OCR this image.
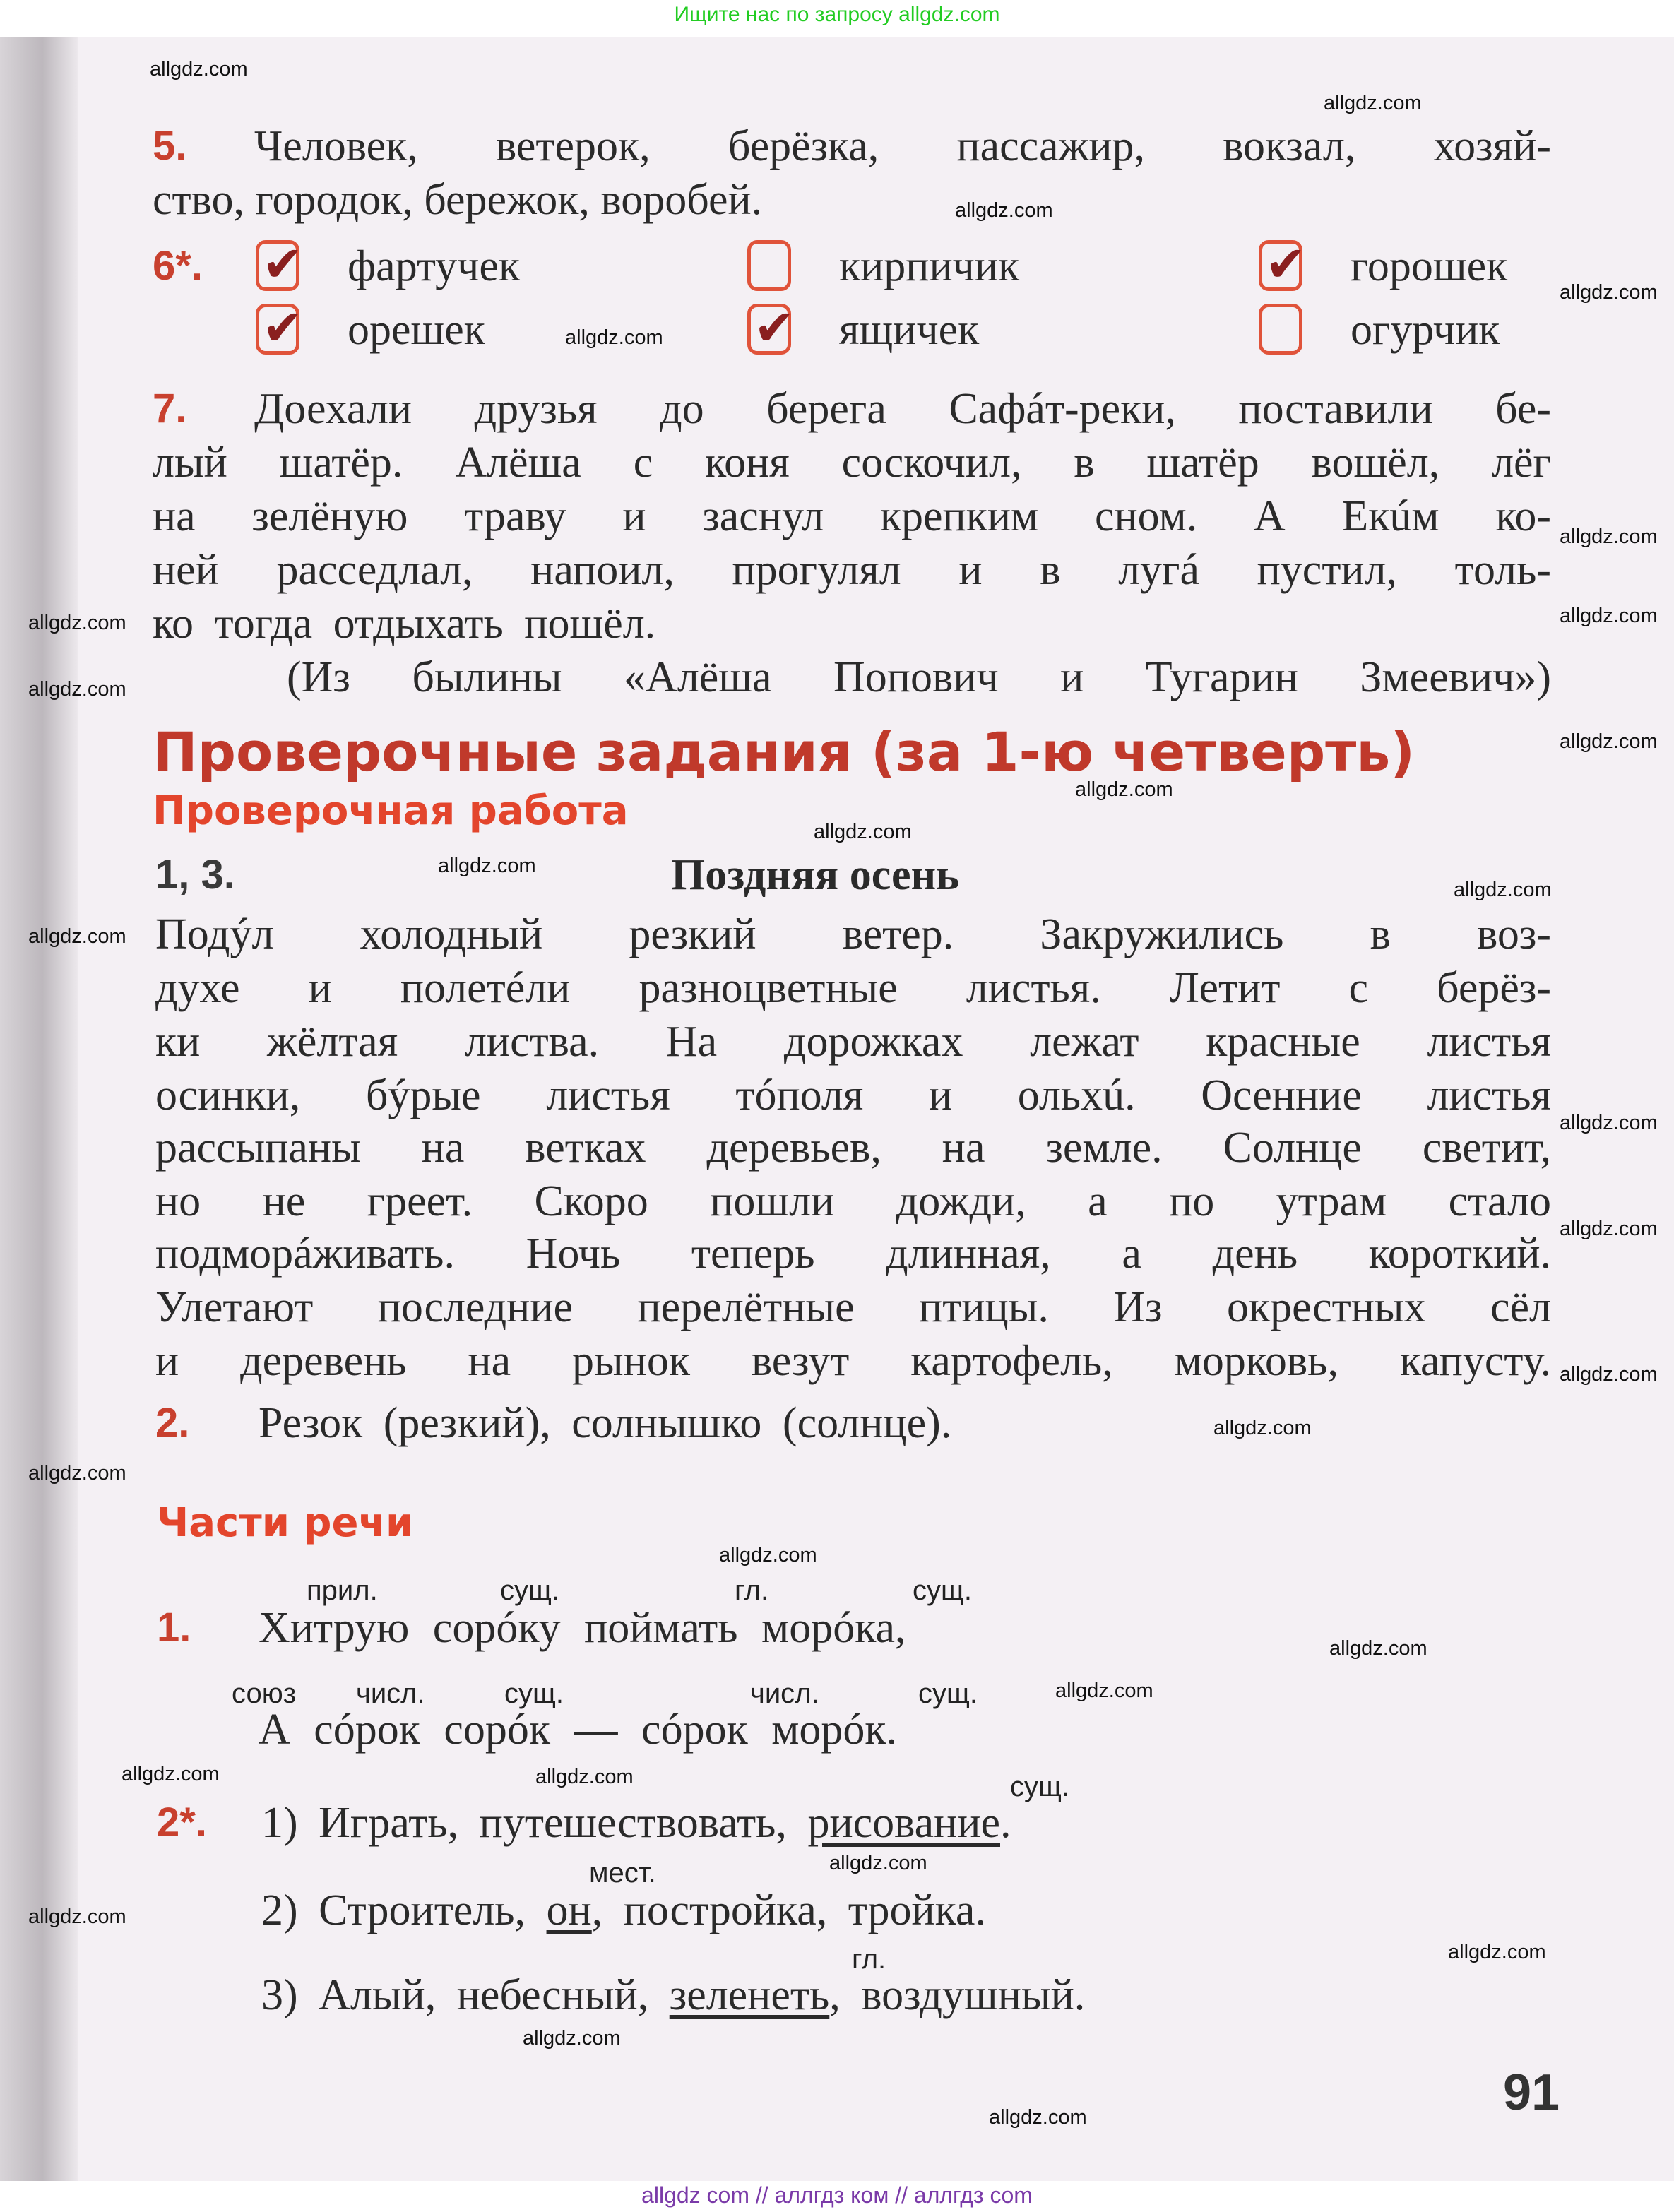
Ищите нас по запросу allgdz.com
5. Человек, ветерок, берёзка, пассажир, вокзал, хозяй-
ство, городок, бережок, воробей.
6*. ✔ фартучек	кирпичик	✔ горошек
✔ орешек	✔ ящичек	огурчик
7. Доехали друзья до берега Сафáт-реки, поставили бе-
лый шатёр. Алёша с коня соскочил, в шатёр вошёл, лёг
на зелёную траву и заснул крепким сном. А Екúм ко-
ней расседлал, напоил, прогулял и в лугá пустил, толь-
ко тогда отдыхать пошёл.
(Из былины «Алёша Попович и Тугарин Змеевич»)
Проверочные задания (за 1-ю четверть)
Проверочная работа
1, 3.	Поздняя осень
Подýл холодный резкий ветер. Закружились в воз-
духе и полетéли разноцветные листья. Летит с берёз-
ки жёлтая листва. На дорожках лежат красные листья
осинки, бýрые листья тóполя и ольхú. Осенние листья
рассыпаны на ветках деревьев, на земле. Солнце светит,
но не греет. Скоро пошли дожди, а по утрам стало
подморáживать. Ночь теперь длинная, а день короткий.
Улетают последние перелётные птицы. Из окрестных сёл
и деревень на рынок везут картофель, морковь, капусту.
2. Резок (резкий), солнышко (солнце).
Части речи
прил.	сущ.	гл.	сущ.
1. Хитрую сорóку поймать морóка,
союз числ.	сущ.	числ.	сущ.
А сóрок сорóк — сóрок морóк.
сущ.
2*. 1) Играть, путешествовать, рисование.
мест.
2) Строитель, он, постройка, тройка.
гл.
3) Алый, небесный, зеленеть, воздушный.
91
allgdz.com
allgdz.com
allgdz.com
allgdz.com
allgdz.com
allgdz.com
allgdz.com
allgdz.com
allgdz.com
allgdz.com
allgdz.com
allgdz.com
allgdz.com
allgdz.com
allgdz.com
allgdz.com
allgdz.com
allgdz.com
allgdz.com
allgdz.com
allgdz.com
allgdz.com
allgdz.com
allgdz.com	allgdz.com
allgdz.com
allgdz.com
allgdz.com
allgdz.com
allgdz.com
allgdz com // аллгдз ком // аллгдз com
